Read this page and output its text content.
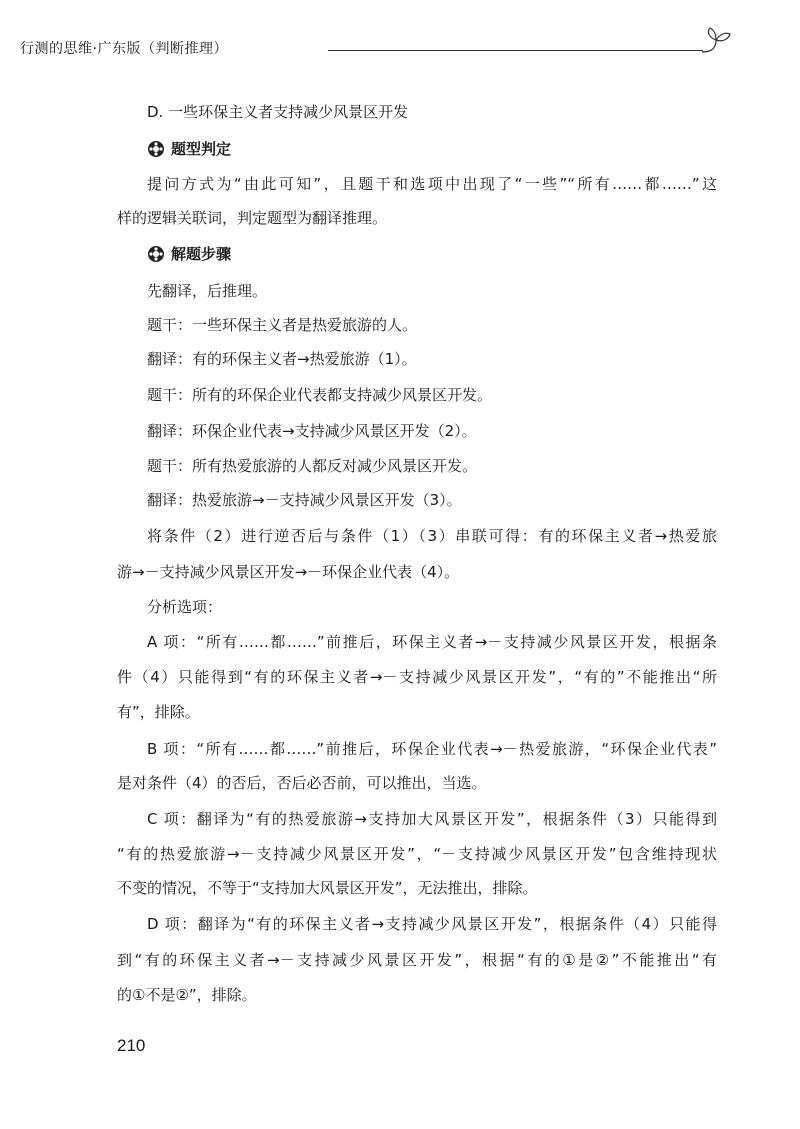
行测的思维·广东版（判断推理）
D. 一些环保主义者支持减少风景区开发
题型判定
提问方式为“由此可知”，且题干和选项中出现了“一些”“所有……都……”这
样的逻辑关联词，判定题型为翻译推理。
解题步骤
先翻译，后推理。
题干：一些环保主义者是热爱旅游的人。
翻译：有的环保主义者→热爱旅游（1）。
题干：所有的环保企业代表都支持减少风景区开发。
翻译：环保企业代表→支持减少风景区开发（2）。
题干：所有热爱旅游的人都反对减少风景区开发。
翻译：热爱旅游→－支持减少风景区开发（3）。
将条件（2）进行逆否后与条件（1）（3）串联可得：有的环保主义者→热爱旅
游→－支持减少风景区开发→－环保企业代表（4）。
分析选项：
A 项：“所有……都……”前推后，环保主义者→－支持减少风景区开发，根据条
件（4）只能得到“有的环保主义者→－支持减少风景区开发”，“有的”不能推出“所
有”，排除。
B 项：“所有……都……”前推后，环保企业代表→－热爱旅游，“环保企业代表”
是对条件（4）的否后，否后必否前，可以推出，当选。
C 项：翻译为“有的热爱旅游→支持加大风景区开发”，根据条件（3）只能得到
“有的热爱旅游→－支持减少风景区开发”，“－支持减少风景区开发”包含维持现状
不变的情况，不等于“支持加大风景区开发”，无法推出，排除。
D 项：翻译为“有的环保主义者→支持减少风景区开发”，根据条件（4）只能得
到“有的环保主义者→－支持减少风景区开发”，根据“有的①是②”不能推出“有
的①不是②”，排除。
210
